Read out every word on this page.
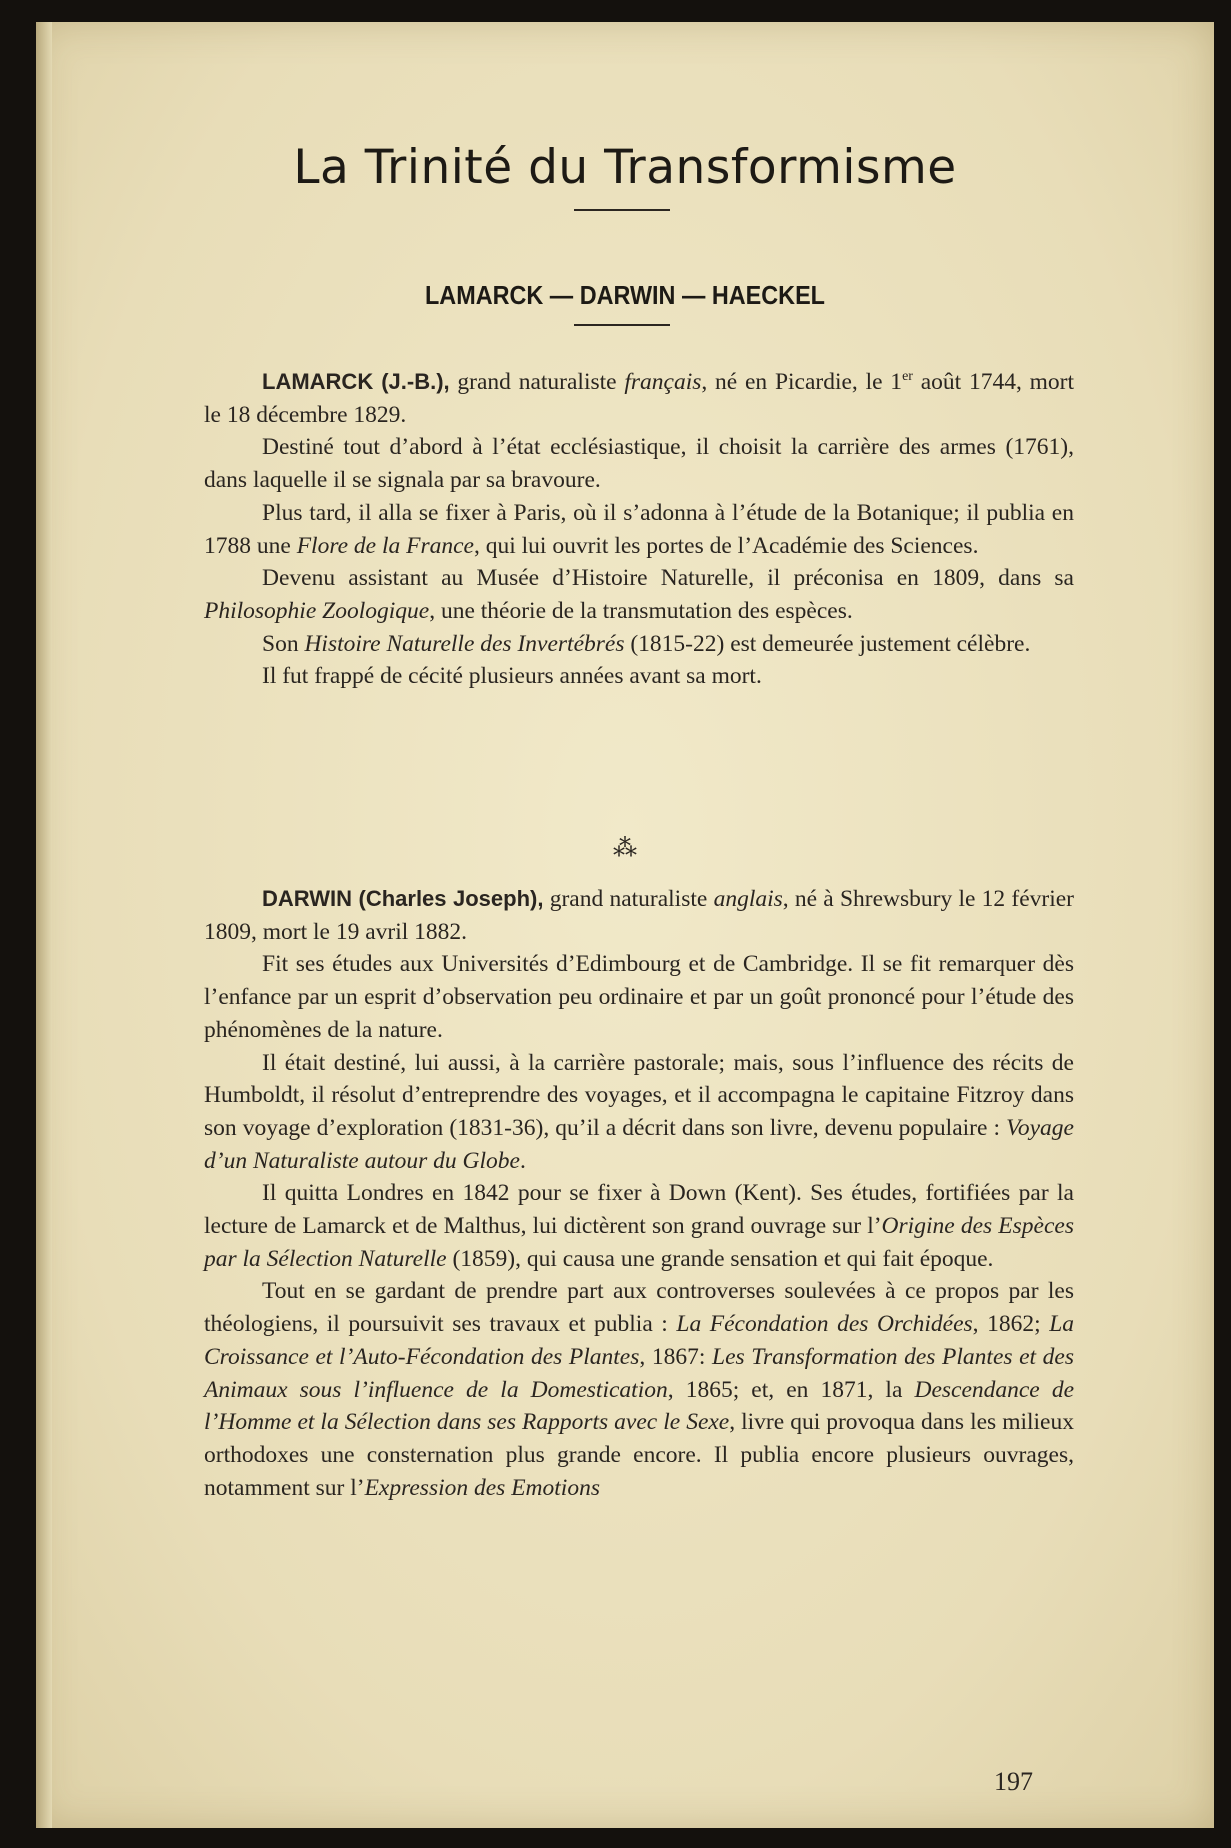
La Trinité du Transformisme
LAMARCK — DARWIN — HAECKEL

LAMARCK (J.-B.), grand naturaliste français, né en Picardie, le 1er août 1744, mort le 18 décembre 1829.

Destiné tout d’abord à l’état ecclésiastique, il choisit la carrière des armes (1761), dans laquelle il se signala par sa bravoure.

Plus tard, il alla se fixer à Paris, où il s’adonna à l’étude de la Botanique; il publia en 1788 une Flore de la France, qui lui ouvrit les portes de l’Académie des Sciences.

Devenu assistant au Musée d’Histoire Naturelle, il préconisa en 1809, dans sa Philosophie Zoologique, une théorie de la transmutation des espèces.

Son Histoire Naturelle des Invertébrés (1815-22) est demeurée justement célèbre.

Il fut frappé de cécité plusieurs années avant sa mort.

⁂

DARWIN (Charles Joseph), grand naturaliste anglais, né à Shrewsbury le 12 février 1809, mort le 19 avril 1882.

Fit ses études aux Universités d’Edimbourg et de Cambridge. Il se fit remarquer dès l’enfance par un esprit d’observation peu ordinaire et par un goût prononcé pour l’étude des phénomènes de la nature.

Il était destiné, lui aussi, à la carrière pastorale; mais, sous l’influence des récits de Humboldt, il résolut d’entreprendre des voyages, et il accompagna le capitaine Fitzroy dans son voyage d’exploration (1831-36), qu’il a décrit dans son livre, devenu populaire : Voyage d’un Naturaliste autour du Globe.

Il quitta Londres en 1842 pour se fixer à Down (Kent). Ses études, fortifiées par la lecture de Lamarck et de Malthus, lui dictèrent son grand ouvrage sur l’Origine des Espèces par la Sélection Naturelle (1859), qui causa une grande sensation et qui fait époque.

Tout en se gardant de prendre part aux controverses soulevées à ce propos par les théologiens, il poursuivit ses travaux et publia : La Fécondation des Orchidées, 1862; La Croissance et l’Auto-Fécondation des Plantes, 1867: Les Transformation des Plantes et des Animaux sous l’influence de la Domestication, 1865; et, en 1871, la Descendance de l’Homme et la Sélection dans ses Rapports avec le Sexe, livre qui provoqua dans les milieux orthodoxes une consternation plus grande encore. Il publia encore plusieurs ouvrages, notamment sur l’Expression des Emotions

197
